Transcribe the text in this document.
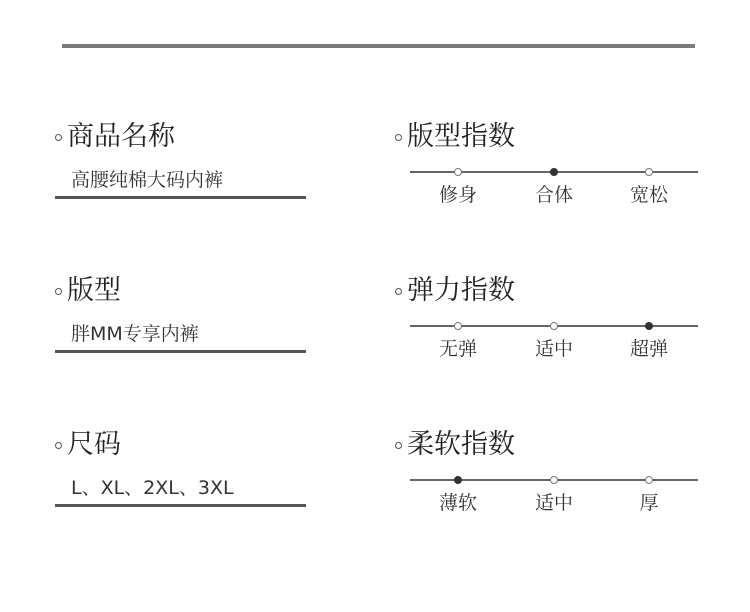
商品名称
高腰纯棉大码内裤
版型
胖MM专享内裤
尺码
L、XL、2XL、3XL
版型指数
修身	合体	宽松
弹力指数
无弹	适中	超弹
柔软指数
薄软	适中	厚
